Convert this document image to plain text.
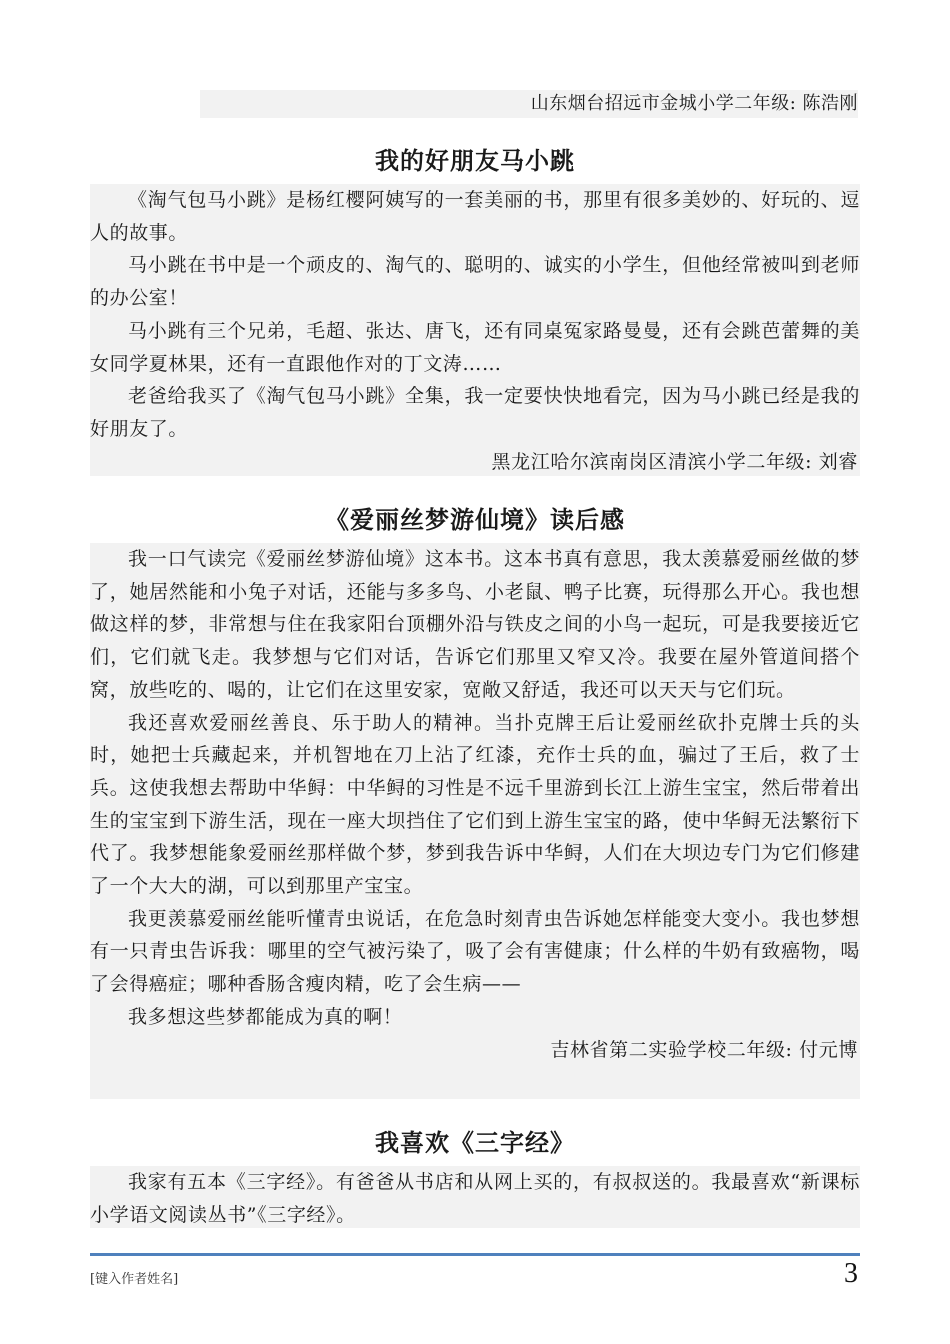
山东烟台招远市金城小学二年级: 陈浩刚
我的好朋友马小跳

《淘气包马小跳》是杨红樱阿姨写的一套美丽的书，那里有很多美妙的、好玩的、逗人的故事。

马小跳在书中是一个顽皮的、淘气的、聪明的、诚实的小学生，但他经常被叫到老师的办公室！

马小跳有三个兄弟，毛超、张达、唐飞，还有同桌冤家路曼曼，还有会跳芭蕾舞的美女同学夏林果，还有一直跟他作对的丁文涛……

老爸给我买了《淘气包马小跳》全集，我一定要快快地看完，因为马小跳已经是我的好朋友了。

黑龙江哈尔滨南岗区清滨小学二年级: 刘睿

《爱丽丝梦游仙境》读后感

我一口气读完《爱丽丝梦游仙境》这本书。这本书真有意思，我太羡慕爱丽丝做的梦了，她居然能和小兔子对话，还能与多多鸟、小老鼠、鸭子比赛，玩得那么开心。我也想做这样的梦，非常想与住在我家阳台顶棚外沿与铁皮之间的小鸟一起玩，可是我要接近它们，它们就飞走。我梦想与它们对话，告诉它们那里又窄又冷。我要在屋外管道间搭个窝，放些吃的、喝的，让它们在这里安家，宽敞又舒适，我还可以天天与它们玩。

我还喜欢爱丽丝善良、乐于助人的精神。当扑克牌王后让爱丽丝砍扑克牌士兵的头时，她把士兵藏起来，并机智地在刀上沾了红漆，充作士兵的血，骗过了王后，救了士兵。这使我想去帮助中华鲟：中华鲟的习性是不远千里游到长江上游生宝宝，然后带着出生的宝宝到下游生活，现在一座大坝挡住了它们到上游生宝宝的路，使中华鲟无法繁衍下代了。我梦想能象爱丽丝那样做个梦，梦到我告诉中华鲟，人们在大坝边专门为它们修建了一个大大的湖，可以到那里产宝宝。

我更羡慕爱丽丝能听懂青虫说话，在危急时刻青虫告诉她怎样能变大变小。我也梦想有一只青虫告诉我：哪里的空气被污染了，吸了会有害健康；什么样的牛奶有致癌物，喝了会得癌症；哪种香肠含瘦肉精，吃了会生病——

我多想这些梦都能成为真的啊！

吉林省第二实验学校二年级: 付元博

我喜欢《三字经》

我家有五本《三字经》。有爸爸从书店和从网上买的，有叔叔送的。我最喜欢“新课标小学语文阅读丛书”《三字经》。

[键入作者姓名]	3
